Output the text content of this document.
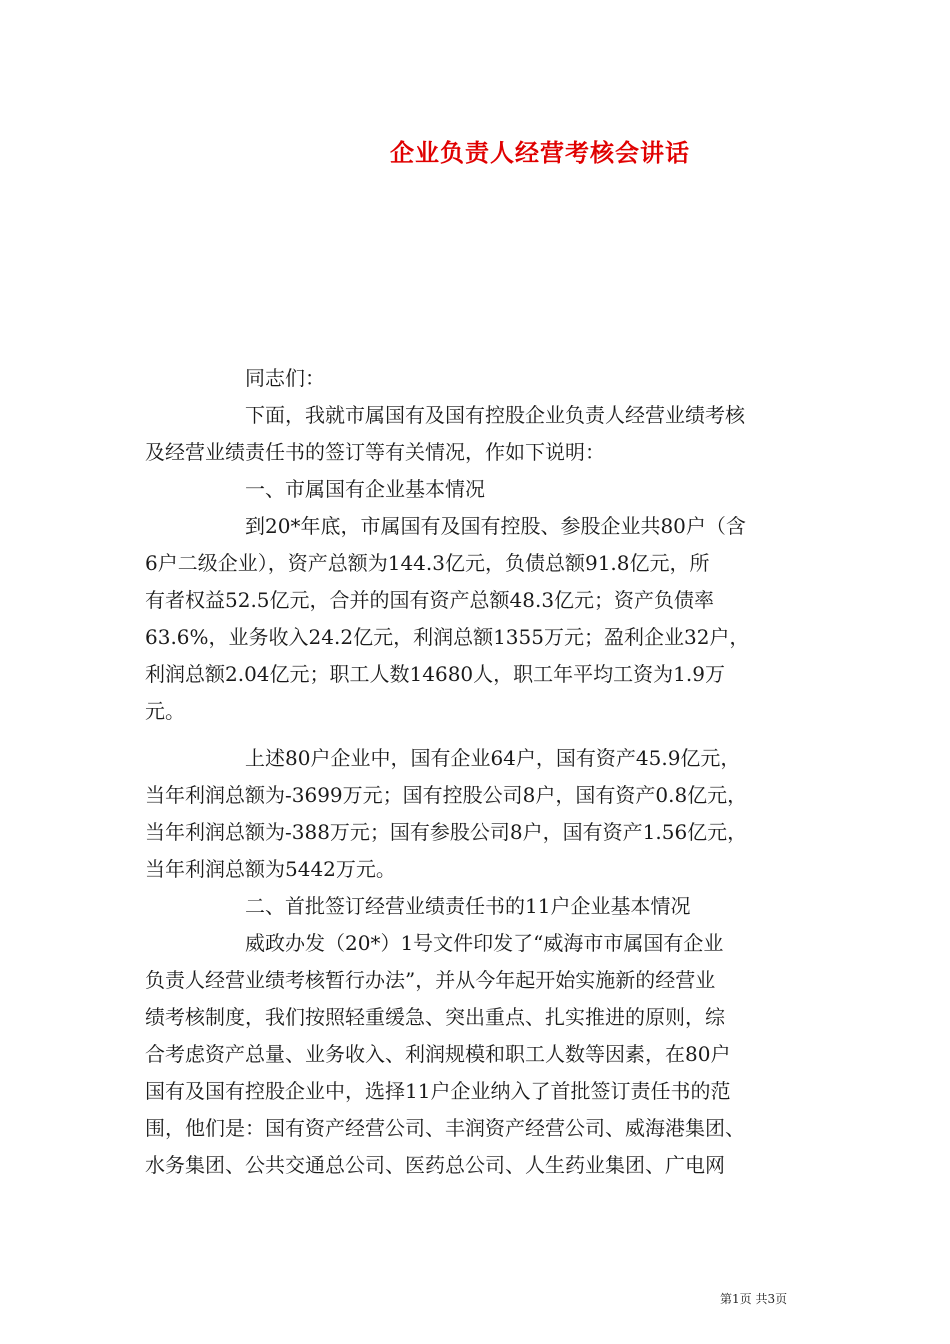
企业负责人经营考核会讲话
同志们：
下面，我就市属国有及国有控股企业负责人经营业绩考核
及经营业绩责任书的签订等有关情况，作如下说明：
一、市属国有企业基本情况
到20*年底，市属国有及国有控股、参股企业共80户（含
6户二级企业），资产总额为144.3亿元，负债总额91.8亿元，所
有者权益52.5亿元，合并的国有资产总额48.3亿元；资产负债率
63.6%，业务收入24.2亿元，利润总额1355万元；盈利企业32户，
利润总额2.04亿元；职工人数14680人，职工年平均工资为1.9万
元。
上述80户企业中，国有企业64户，国有资产45.9亿元，
当年利润总额为-3699万元；国有控股公司8户，国有资产0.8亿元，
当年利润总额为-388万元；国有参股公司8户，国有资产1.56亿元，
当年利润总额为5442万元。
二、首批签订经营业绩责任书的11户企业基本情况
威政办发（20*）1号文件印发了“威海市市属国有企业
负责人经营业绩考核暂行办法”，并从今年起开始实施新的经营业
绩考核制度，我们按照轻重缓急、突出重点、扎实推进的原则，综
合考虑资产总量、业务收入、利润规模和职工人数等因素，在80户
国有及国有控股企业中，选择11户企业纳入了首批签订责任书的范
围，他们是：国有资产经营公司、丰润资产经营公司、威海港集团、
水务集团、公共交通总公司、医药总公司、人生药业集团、广电网
第1页 共3页
